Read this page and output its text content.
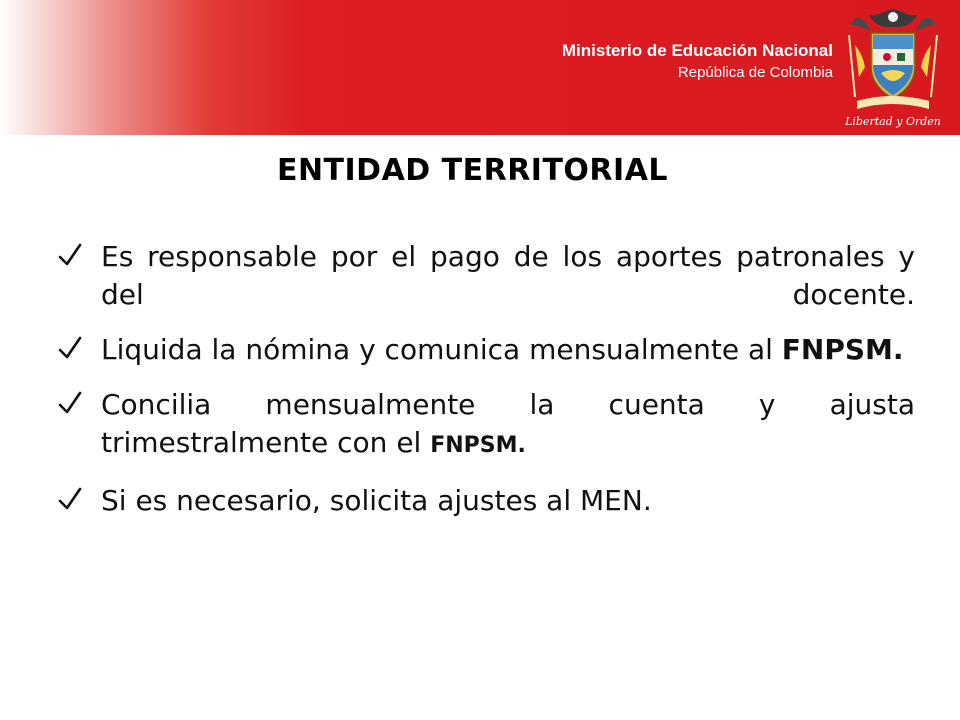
Ministerio de Educación Nacional
República de Colombia
Libertad y Orden
ENTIDAD TERRITORIAL
Es responsable por el pago de los aportes patronales y del docente.
Liquida la nómina y comunica mensualmente al FNPSM.
Concilia mensualmente la cuenta y ajusta trimestralmente con el FNPSM.
Si es necesario, solicita ajustes al MEN.
